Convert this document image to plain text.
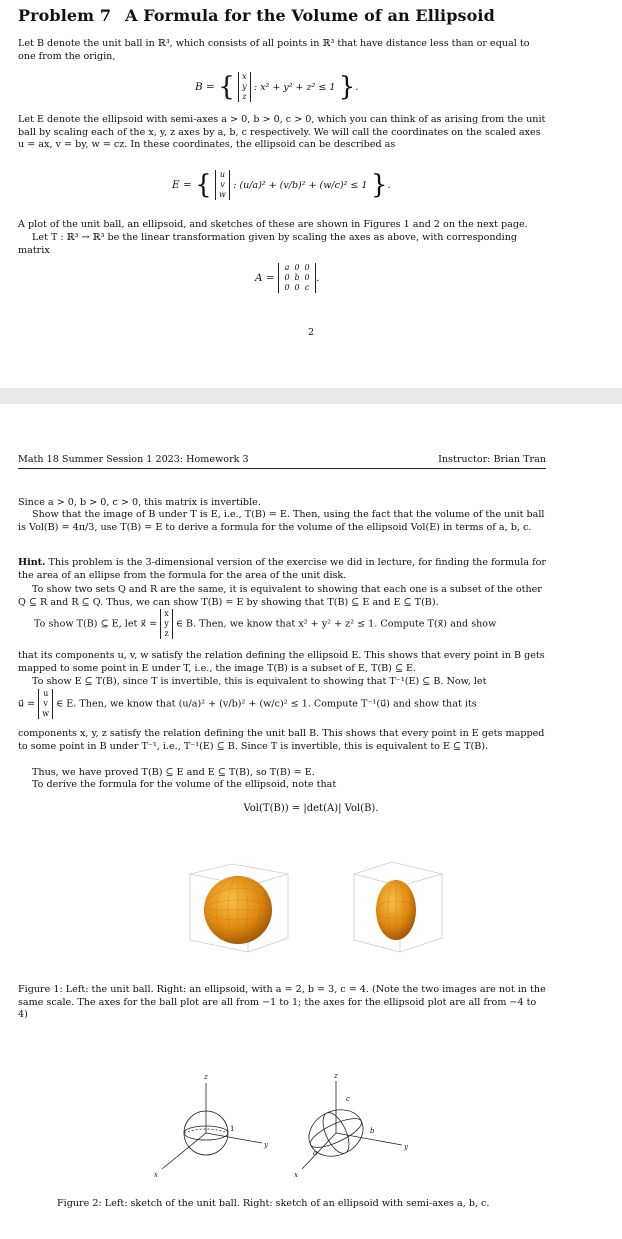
Problem 7 A Formula for the Volume of an Ellipsoid

Let B denote the unit ball in ℝ³, which consists of all points in ℝ³ that have distance less than or equal to one from the origin,

B = { x
y
z
: x² + y² + z² ≤ 1 }.

Let E denote the ellipsoid with semi-axes a > 0, b > 0, c > 0, which you can think of as arising from the unit ball by scaling each of the x, y, z axes by a, b, c respectively. We will call the coordinates on the scaled axes u = ax, v = by, w = cz. In these coordinates, the ellipsoid can be described as

E = { u
v
w
: (u/a)² + (v/b)² + (w/c)² ≤ 1 }.

A plot of the unit ball, an ellipsoid, and sketches of these are shown in Figures 1 and 2 on the next page.

Let T : ℝ³ → ℝ³ be the linear transformation given by scaling the axes as above, with corresponding matrix

A =
a 0 0
0 b 0
0 0 c
.
2
Math 18 Summer Session 1 2023: Homework 3	Instructor: Brian Tran

Since a > 0, b > 0, c > 0, this matrix is invertible.

Show that the image of B under T is E, i.e., T(B) = E. Then, using the fact that the volume of the unit ball is Vol(B) = 4π/3, use T(B) = E to derive a formula for the volume of the ellipsoid Vol(E) in terms of a, b, c.

Hint. This problem is the 3-dimensional version of the exercise we did in lecture, for finding the formula for the area of an ellipse from the formula for the area of the unit disk.

To show two sets Q and R are the same, it is equivalent to showing that each one is a subset of the other Q ⊆ R and R ⊆ Q. Thus, we can show T(B) = E by showing that T(B) ⊆ E and E ⊆ T(B).

To show T(B) ⊆ E, let x⃗ =
x
y
z
∈ B. Then, we know that x² + y² + z² ≤ 1. Compute T(x⃗) and show

that its components u, v, w satisfy the relation defining the ellipsoid E. This shows that every point in B gets mapped to some point in E under T, i.e., the image T(B) is a subset of E, T(B) ⊆ E.

To show E ⊆ T(B), since T is invertible, this is equivalent to showing that T⁻¹(E) ⊆ B. Now, let

u⃗ =
u
v
w
∈ E. Then, we know that (u/a)² + (v/b)² + (w/c)² ≤ 1. Compute T⁻¹(u⃗) and show that its

components x, y, z satisfy the relation defining the unit ball B. This shows that every point in E gets mapped to some point in B under T⁻¹, i.e., T⁻¹(E) ⊆ B. Since T is invertible, this is equivalent to E ⊆ T(B).

Thus, we have proved T(B) ⊆ E and E ⊆ T(B), so T(B) = E.

To derive the formula for the volume of the ellipsoid, note that

Vol(T(B)) = |det(A)| Vol(B).

Figure 1: Left: the unit ball. Right: an ellipsoid, with a = 2, b = 3, c = 4. (Note the two images are not in the same scale. The axes for the ball plot are all from −1 to 1; the axes for the ellipsoid plot are all from −4 to 4)

z
y
x
1
z
y
x
a
b
c

Figure 2: Left: sketch of the unit ball. Right: sketch of an ellipsoid with semi-axes a, b, c.
